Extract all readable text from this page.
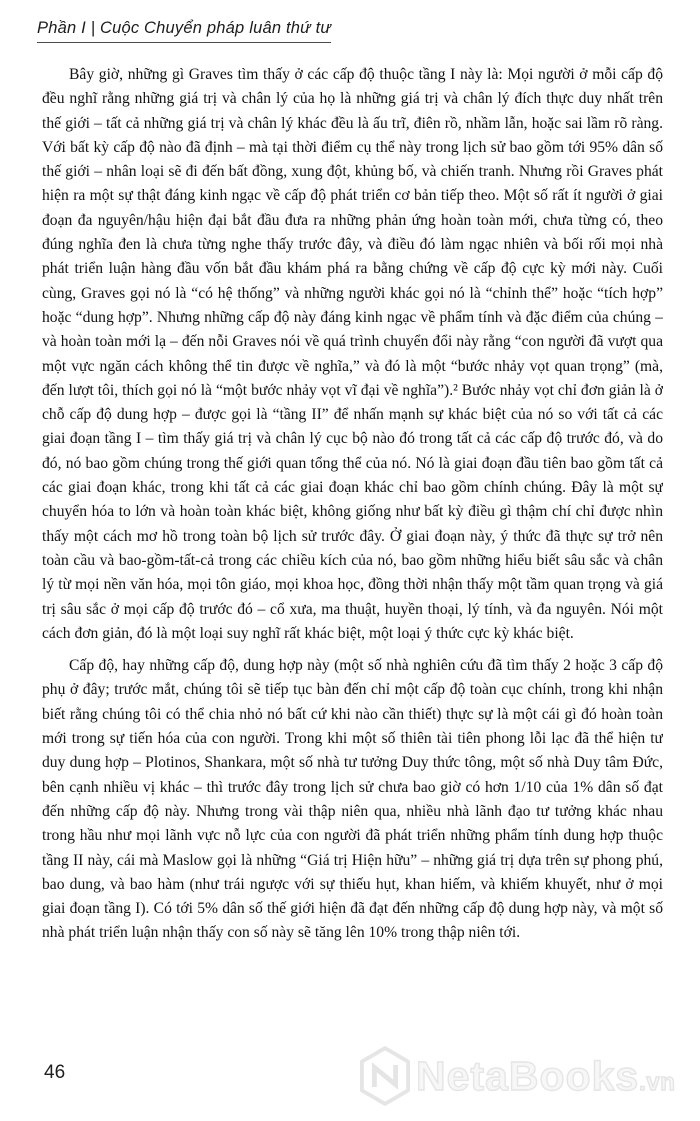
Phần I | Cuộc Chuyển pháp luân thứ tư

Bây giờ, những gì Graves tìm thấy ở các cấp độ thuộc tầng I này là: Mọi người ở mỗi cấp độ đều nghĩ rằng những giá trị và chân lý của họ là những giá trị và chân lý đích thực duy nhất trên thế giới – tất cả những giá trị và chân lý khác đều là ấu trĩ, điên rồ, nhầm lẫn, hoặc sai lầm rõ ràng. Với bất kỳ cấp độ nào đã định – mà tại thời điểm cụ thể này trong lịch sử bao gồm tới 95% dân số thế giới – nhân loại sẽ đi đến bất đồng, xung đột, khủng bố, và chiến tranh. Nhưng rồi Graves phát hiện ra một sự thật đáng kinh ngạc về cấp độ phát triển cơ bản tiếp theo. Một số rất ít người ở giai đoạn đa nguyên/hậu hiện đại bắt đầu đưa ra những phản ứng hoàn toàn mới, chưa từng có, theo đúng nghĩa đen là chưa từng nghe thấy trước đây, và điều đó làm ngạc nhiên và bối rối mọi nhà phát triển luận hàng đầu vốn bắt đầu khám phá ra bằng chứng về cấp độ cực kỳ mới này. Cuối cùng, Graves gọi nó là “có hệ thống” và những người khác gọi nó là “chỉnh thể” hoặc “tích hợp” hoặc “dung hợp”. Nhưng những cấp độ này đáng kinh ngạc về phẩm tính và đặc điểm của chúng – và hoàn toàn mới lạ – đến nỗi Graves nói về quá trình chuyển đổi này rằng “con người đã vượt qua một vực ngăn cách không thể tin được về nghĩa,” và đó là một “bước nhảy vọt quan trọng” (mà, đến lượt tôi, thích gọi nó là “một bước nhảy vọt vĩ đại về nghĩa”).² Bước nhảy vọt chỉ đơn giản là ở chỗ cấp độ dung hợp – được gọi là “tầng II” để nhấn mạnh sự khác biệt của nó so với tất cả các giai đoạn tầng I – tìm thấy giá trị và chân lý cục bộ nào đó trong tất cả các cấp độ trước đó, và do đó, nó bao gồm chúng trong thế giới quan tổng thể của nó. Nó là giai đoạn đầu tiên bao gồm tất cả các giai đoạn khác, trong khi tất cả các giai đoạn khác chỉ bao gồm chính chúng. Đây là một sự chuyển hóa to lớn và hoàn toàn khác biệt, không giống như bất kỳ điều gì thậm chí chỉ được nhìn thấy một cách mơ hồ trong toàn bộ lịch sử trước đây. Ở giai đoạn này, ý thức đã thực sự trở nên toàn cầu và bao-gồm-tất-cả trong các chiều kích của nó, bao gồm những hiểu biết sâu sắc và chân lý từ mọi nền văn hóa, mọi tôn giáo, mọi khoa học, đồng thời nhận thấy một tầm quan trọng và giá trị sâu sắc ở mọi cấp độ trước đó – cổ xưa, ma thuật, huyền thoại, lý tính, và đa nguyên. Nói một cách đơn giản, đó là một loại suy nghĩ rất khác biệt, một loại ý thức cực kỳ khác biệt.

Cấp độ, hay những cấp độ, dung hợp này (một số nhà nghiên cứu đã tìm thấy 2 hoặc 3 cấp độ phụ ở đây; trước mắt, chúng tôi sẽ tiếp tục bàn đến chỉ một cấp độ toàn cục chính, trong khi nhận biết rằng chúng tôi có thể chia nhỏ nó bất cứ khi nào cần thiết) thực sự là một cái gì đó hoàn toàn mới trong sự tiến hóa của con người. Trong khi một số thiên tài tiên phong lỗi lạc đã thể hiện tư duy dung hợp – Plotinos, Shankara, một số nhà tư tưởng Duy thức tông, một số nhà Duy tâm Đức, bên cạnh nhiều vị khác – thì trước đây trong lịch sử chưa bao giờ có hơn 1/10 của 1% dân số đạt đến những cấp độ này. Nhưng trong vài thập niên qua, nhiều nhà lãnh đạo tư tưởng khác nhau trong hầu như mọi lãnh vực nỗ lực của con người đã phát triển những phẩm tính dung hợp thuộc tầng II này, cái mà Maslow gọi là những “Giá trị Hiện hữu” – những giá trị dựa trên sự phong phú, bao dung, và bao hàm (như trái ngược với sự thiếu hụt, khan hiếm, và khiếm khuyết, như ở mọi giai đoạn tầng I). Có tới 5% dân số thế giới hiện đã đạt đến những cấp độ dung hợp này, và một số nhà phát triển luận nhận thấy con số này sẽ tăng lên 10% trong thập niên tới.

46	NetaBooks.vn
